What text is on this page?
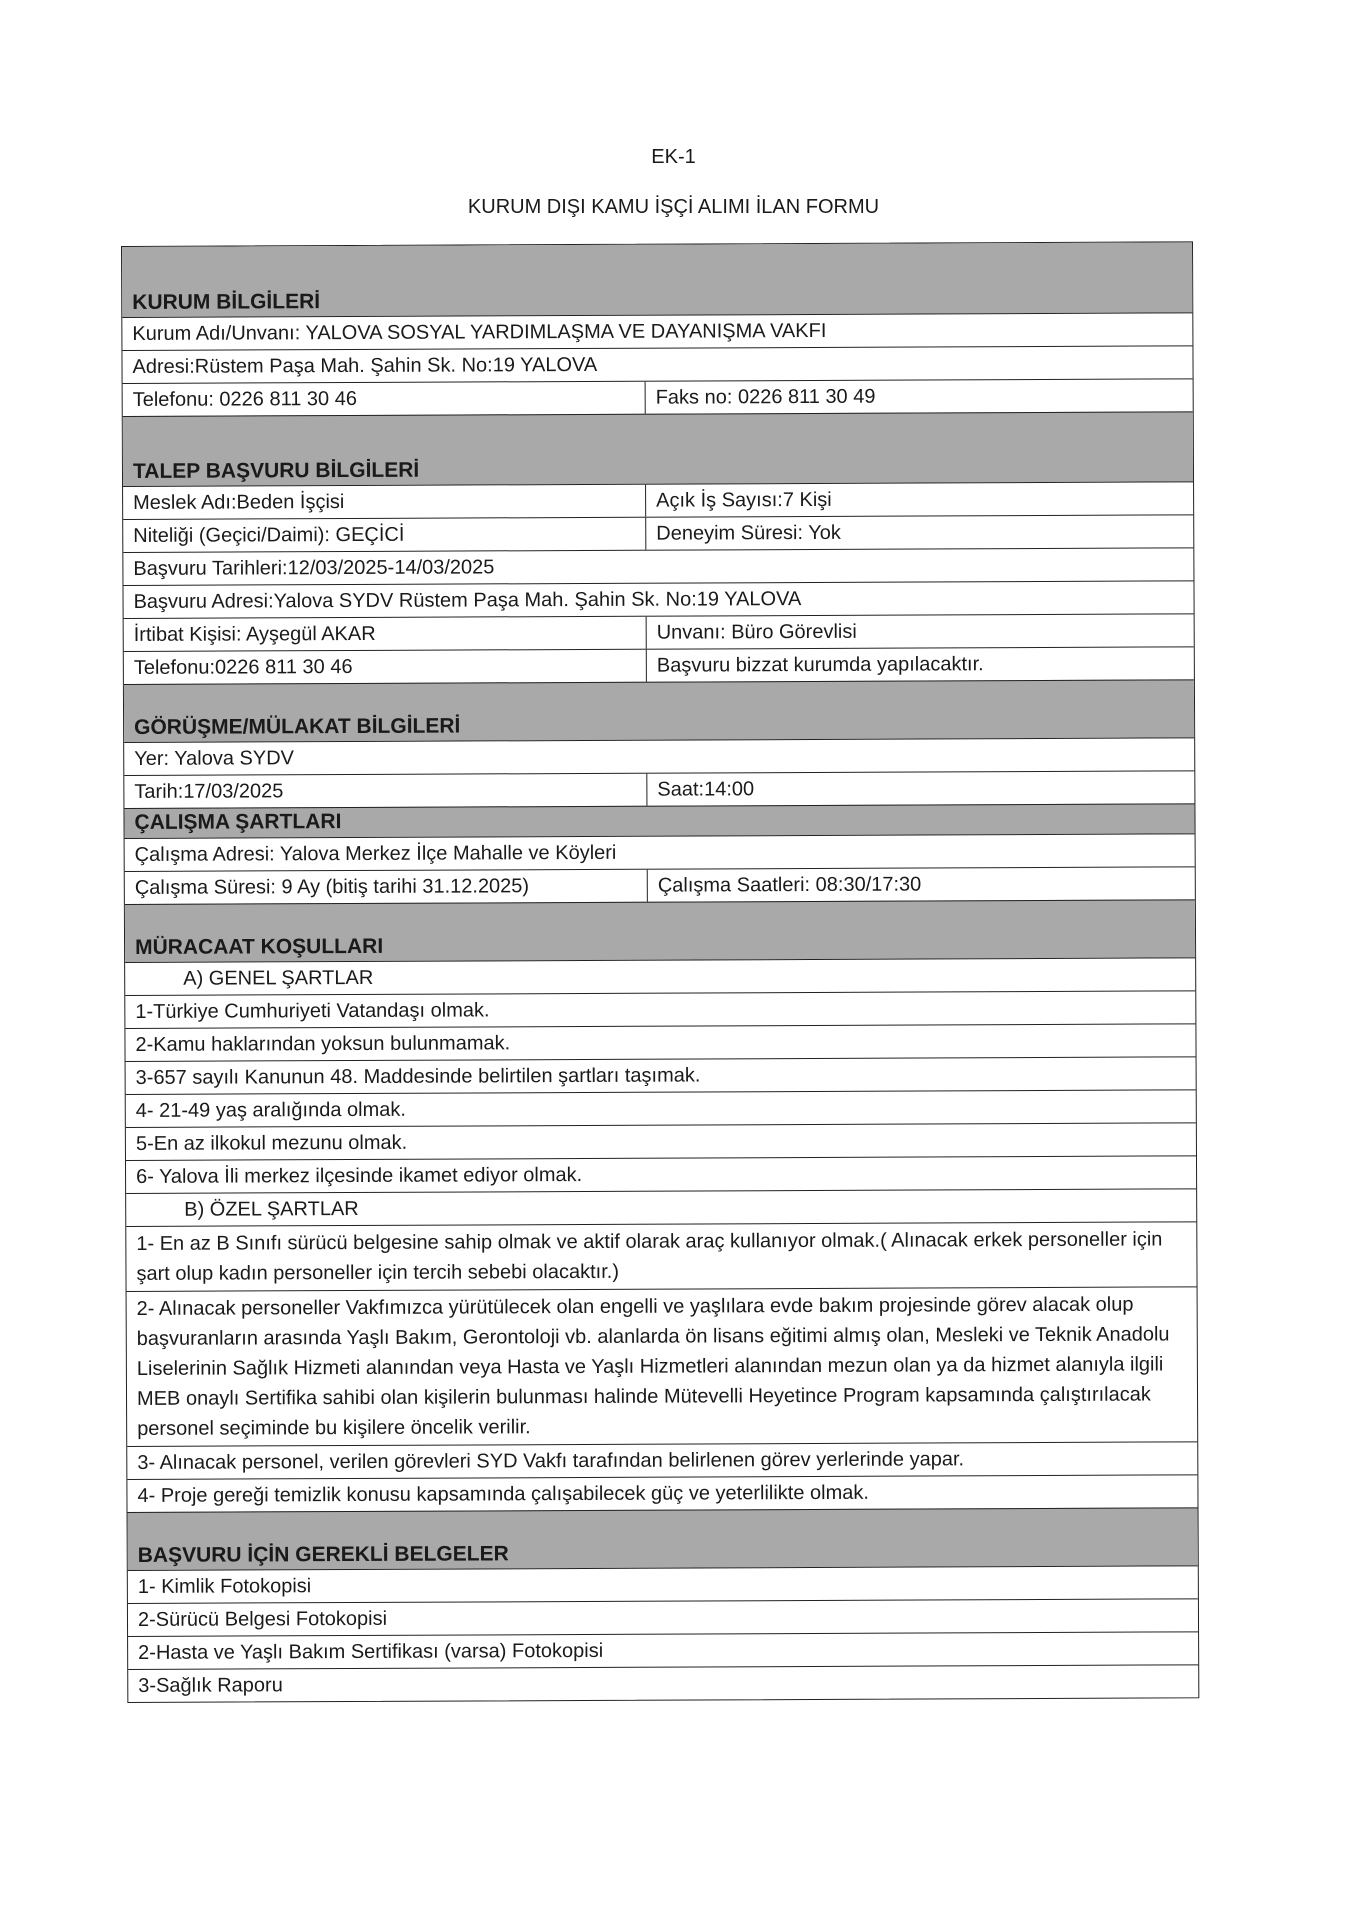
EK-1
KURUM DIŞI KAMU İŞÇİ ALIMI İLAN FORMU
KURUM BİLGİLERİ
Kurum Adı/Unvanı: YALOVA SOSYAL YARDIMLAŞMA VE DAYANIŞMA VAKFI
Adresi:Rüstem Paşa Mah. Şahin Sk. No:19 YALOVA
Telefonu: 0226 811 30 46	Faks no: 0226 811 30 49
TALEP BAŞVURU BİLGİLERİ
Meslek Adı:Beden İşçisi	Açık İş Sayısı:7 Kişi
Niteliği (Geçici/Daimi): GEÇİCİ	Deneyim Süresi: Yok
Başvuru Tarihleri:12/03/2025-14/03/2025
Başvuru Adresi:Yalova SYDV Rüstem Paşa Mah. Şahin Sk. No:19 YALOVA
İrtibat Kişisi: Ayşegül AKAR	Unvanı: Büro Görevlisi
Telefonu:0226 811 30 46	Başvuru bizzat kurumda yapılacaktır.
GÖRÜŞME/MÜLAKAT BİLGİLERİ
Yer: Yalova SYDV
Tarih:17/03/2025	Saat:14:00
ÇALIŞMA ŞARTLARI
Çalışma Adresi: Yalova Merkez İlçe Mahalle ve Köyleri
Çalışma Süresi: 9 Ay (bitiş tarihi 31.12.2025)	Çalışma Saatleri: 08:30/17:30
MÜRACAAT KOŞULLARI
A) GENEL ŞARTLAR
1-Türkiye Cumhuriyeti Vatandaşı olmak.
2-Kamu haklarından yoksun bulunmamak.
3-657 sayılı Kanunun 48. Maddesinde belirtilen şartları taşımak.
4- 21-49 yaş aralığında olmak.
5-En az ilkokul mezunu olmak.
6- Yalova İli merkez ilçesinde ikamet ediyor olmak.
B) ÖZEL ŞARTLAR
1- En az B Sınıfı sürücü belgesine sahip olmak ve aktif olarak araç kullanıyor olmak.( Alınacak erkek personeller için şart olup kadın personeller için tercih sebebi olacaktır.)
2- Alınacak personeller Vakfımızca yürütülecek olan engelli ve yaşlılara evde bakım projesinde görev alacak olup başvuranların arasında Yaşlı Bakım, Gerontoloji vb. alanlarda ön lisans eğitimi almış olan, Mesleki ve Teknik Anadolu Liselerinin Sağlık Hizmeti alanından veya Hasta ve Yaşlı Hizmetleri alanından mezun olan ya da hizmet alanıyla ilgili MEB onaylı Sertifika sahibi olan kişilerin bulunması halinde Mütevelli Heyetince Program kapsamında çalıştırılacak personel seçiminde bu kişilere öncelik verilir.
3- Alınacak personel, verilen görevleri SYD Vakfı tarafından belirlenen görev yerlerinde yapar.
4- Proje gereği temizlik konusu kapsamında çalışabilecek güç ve yeterlilikte olmak.
BAŞVURU İÇİN GEREKLİ BELGELER
1- Kimlik Fotokopisi
2-Sürücü Belgesi Fotokopisi
2-Hasta ve Yaşlı Bakım Sertifikası (varsa) Fotokopisi
3-Sağlık Raporu
